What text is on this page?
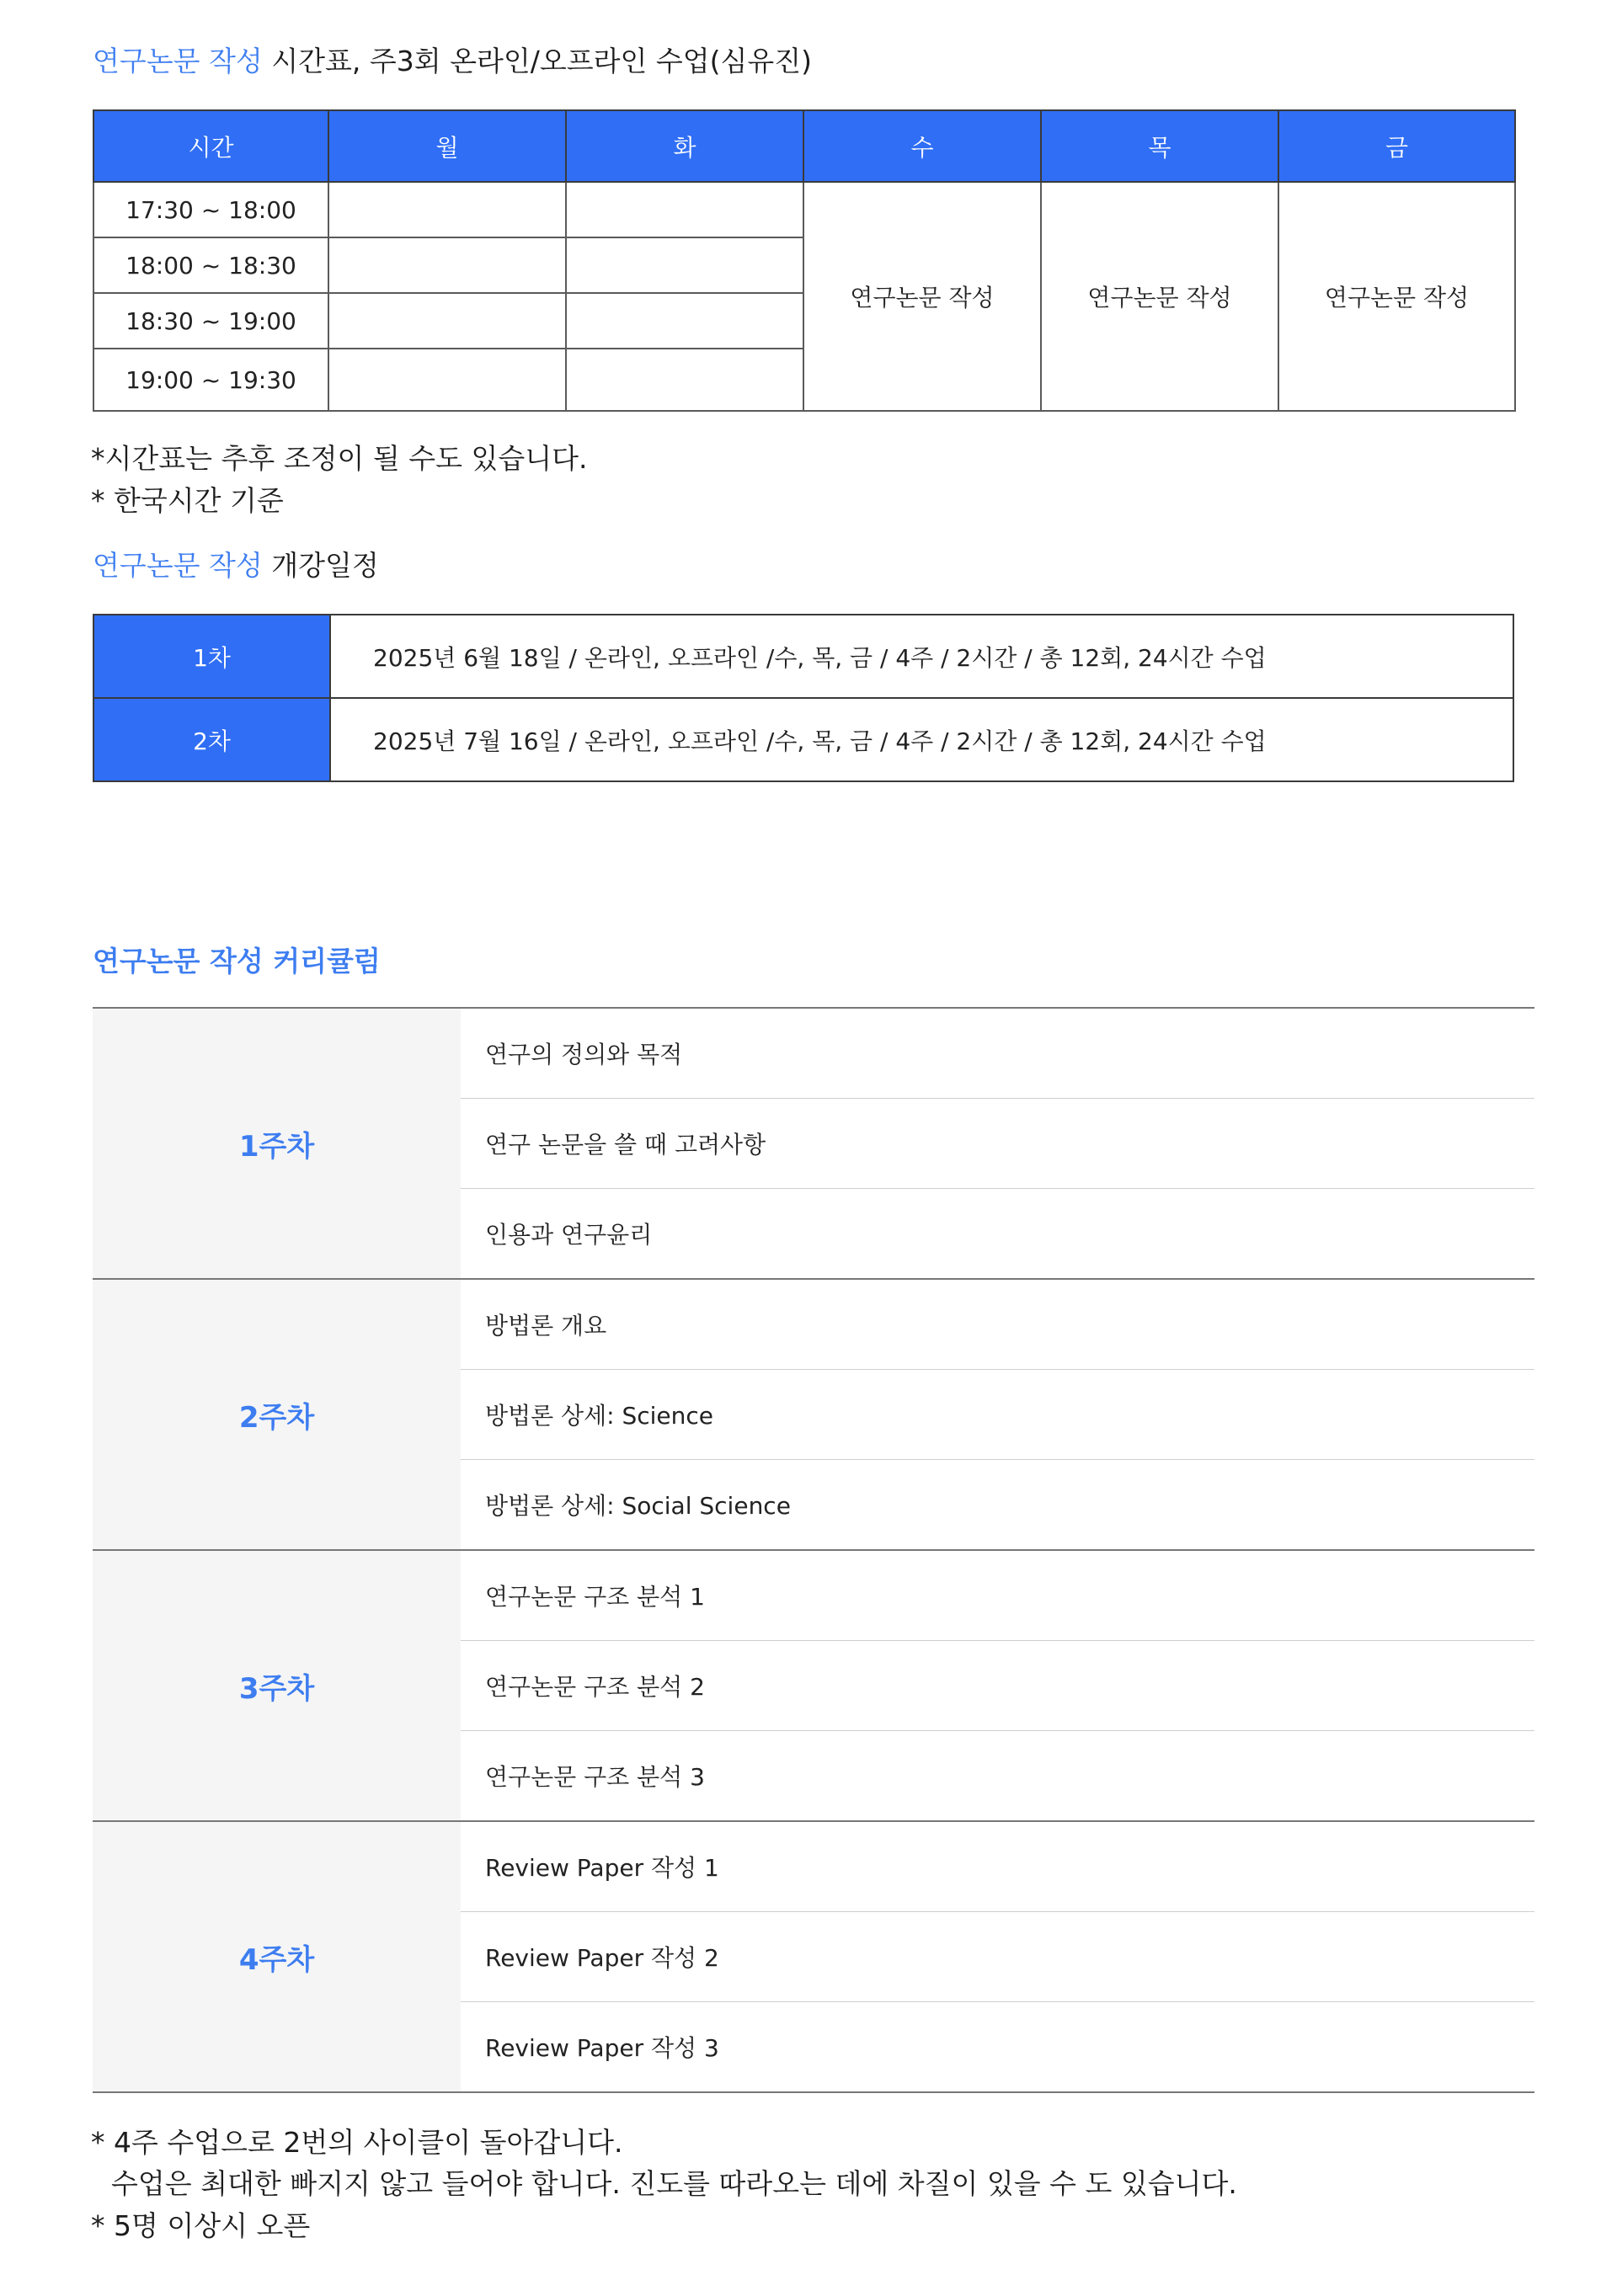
연구논문 작성 시간표, 주3회 온라인/오프라인 수업(심유진)
시간	월	화	수	목	금
17:30 ~ 18:00			연구논문 작성	연구논문 작성	연구논문 작성
18:00 ~ 18:30					
18:30 ~ 19:00					
19:00 ~ 19:30					
*시간표는 추후 조정이 될 수도 있습니다.
* 한국시간 기준
연구논문 작성 개강일정
1차	2025년 6월 18일 / 온라인, 오프라인 /수, 목, 금 / 4주 / 2시간 / 총 12회, 24시간 수업
2차	2025년 7월 16일 / 온라인, 오프라인 /수, 목, 금 / 4주 / 2시간 / 총 12회, 24시간 수업
연구논문 작성 커리큘럼
1주차
연구의 정의와 목적
연구 논문을 쓸 때 고려사항
인용과 연구윤리
2주차
방법론 개요
방법론 상세: Science
방법론 상세: Social Science
3주차
연구논문 구조 분석 1
연구논문 구조 분석 2
연구논문 구조 분석 3
4주차
Review Paper 작성 1
Review Paper 작성 2
Review Paper 작성 3
* 4주 수업으로 2번의 사이클이 돌아갑니다.
수업은 최대한 빠지지 않고 들어야 합니다. 진도를 따라오는 데에 차질이 있을 수 도 있습니다.
* 5명 이상시 오픈
